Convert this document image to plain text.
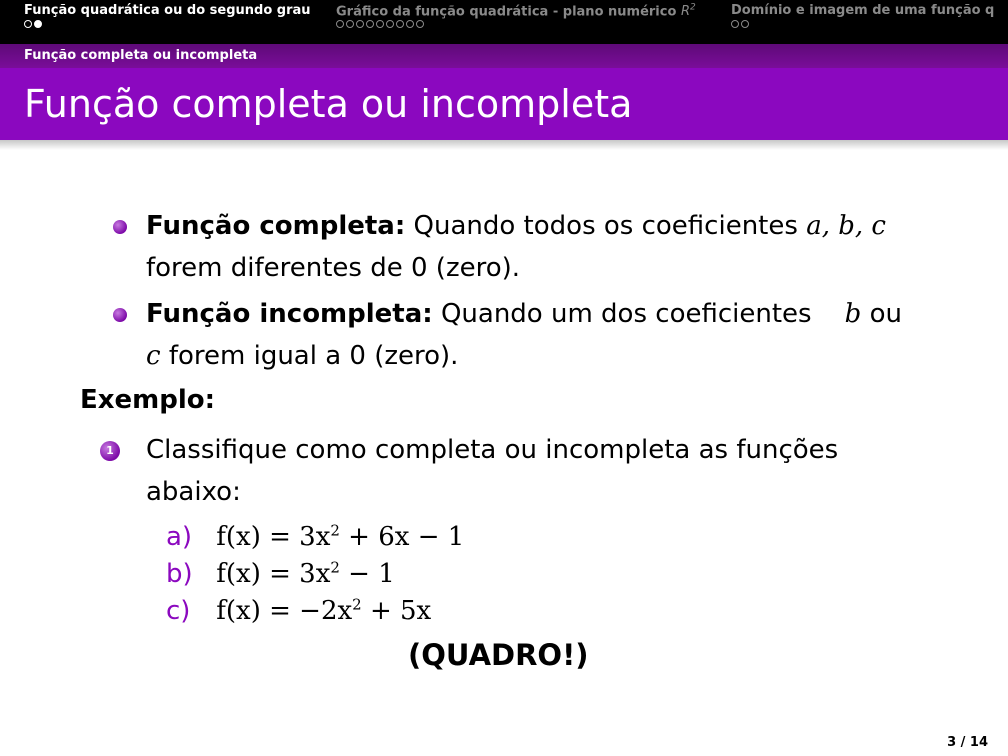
Função quadrática ou do segundo grau Gráfico da função quadrática - plano numérico $R^2$	Domínio e imagem de uma função q
Função completa ou incompleta
Função completa ou incompleta
Função completa: Quando todos os coeficientes a, b, c
forem diferentes de 0 (zero).
Função incompleta: Quando um dos coeficientes b ou
c forem igual a 0 (zero).
Exemplo:
1 Classifique como completa ou incompleta as funções abaixo:
a) $f(x) = 3x^2 + 6x - 1$
b) $f(x) = 3x^2 - 1$
c) $f(x) = -2x^2 + 5x$
(QUADRO!)
3 / 14
